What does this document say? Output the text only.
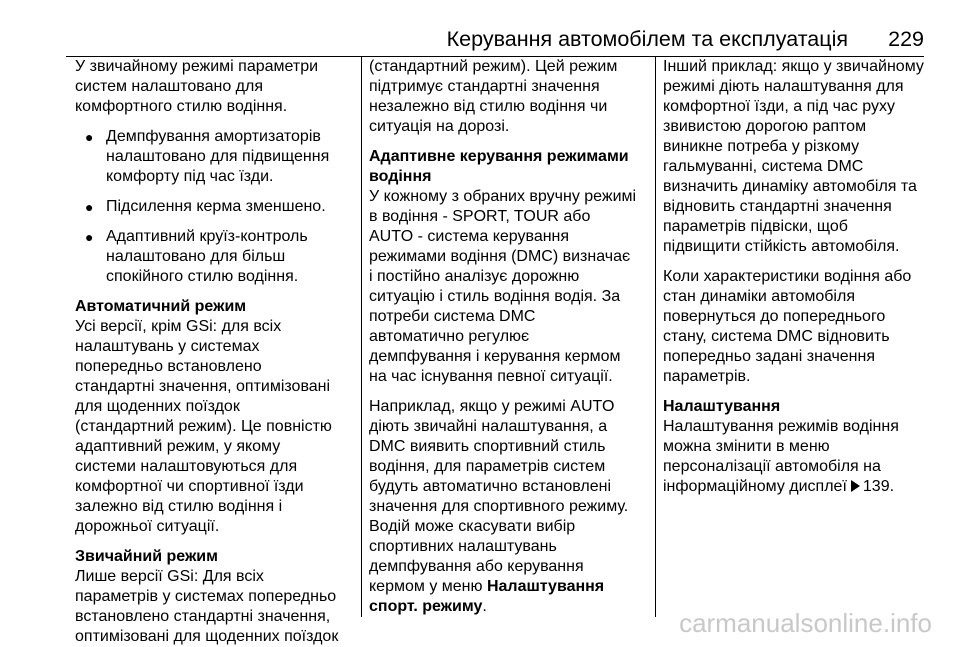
Керування автомобілем та експлуатація 229

У звичайному режимі параметри
систем налаштовано для
комфортного стилю водіння.

● Демпфування амортизаторів
налаштовано для підвищення
комфорту під час їзди.
● Підсилення керма зменшено.
● Адаптивний круїз-контроль
налаштовано для більш
спокійного стилю водіння.
Автоматичний режим

Усі версії, крім GSi: для всіх
налаштувань у системах
попередньо встановлено
стандартні значення, оптимізовані
для щоденних поїздок
(стандартний режим). Це повністю
адаптивний режим, у якому
системи налаштовуються для
комфортної чи спортивної їзди
залежно від стилю водіння і
дорожньої ситуації.

Звичайний режим

Лише версії GSi: Для всіх
параметрів у системах попередньо
встановлено стандартні значення,
оптимізовані для щоденних поїздок

(стандартний режим). Цей режим
підтримує стандартні значення
незалежно від стилю водіння чи
ситуація на дорозі.

Адаптивне керування режимами
водіння

У кожному з обраних вручну режимі
в водіння - SPORT, TOUR або
AUTO - система керування
режимами водіння (DMC) визначає
і постійно аналізує дорожню
ситуацію і стиль водіння водія. За
потреби система DMC
автоматично регулює
демпфування і керування кермом
на час існування певної ситуації.

Наприклад, якщо у режимі AUTO
діють звичайні налаштування, а
DMC виявить спортивний стиль
водіння, для параметрів систем
будуть автоматично встановлені
значення для спортивного режиму.
Водій може скасувати вибір
спортивних налаштувань
демпфування або керування
кермом у меню Налаштування
спорт. режиму.

Інший приклад: якщо у звичайному
режимі діють налаштування для
комфортної їзди, а під час руху
звивистою дорогою раптом
виникне потреба у різкому
гальмуванні, система DMC
визначить динаміку автомобіля та
відновить стандартні значення
параметрів підвіски, щоб
підвищити стійкість автомобіля.

Коли характеристики водіння або
стан динаміки автомобіля
повернуться до попереднього
стану, система DMC відновить
попередньо задані значення
параметрів.

Налаштування

Налаштування режимів водіння
можна змінити в меню
персоналізації автомобіля на
інформаційному дисплеї 139.

carmanualsonline.info
